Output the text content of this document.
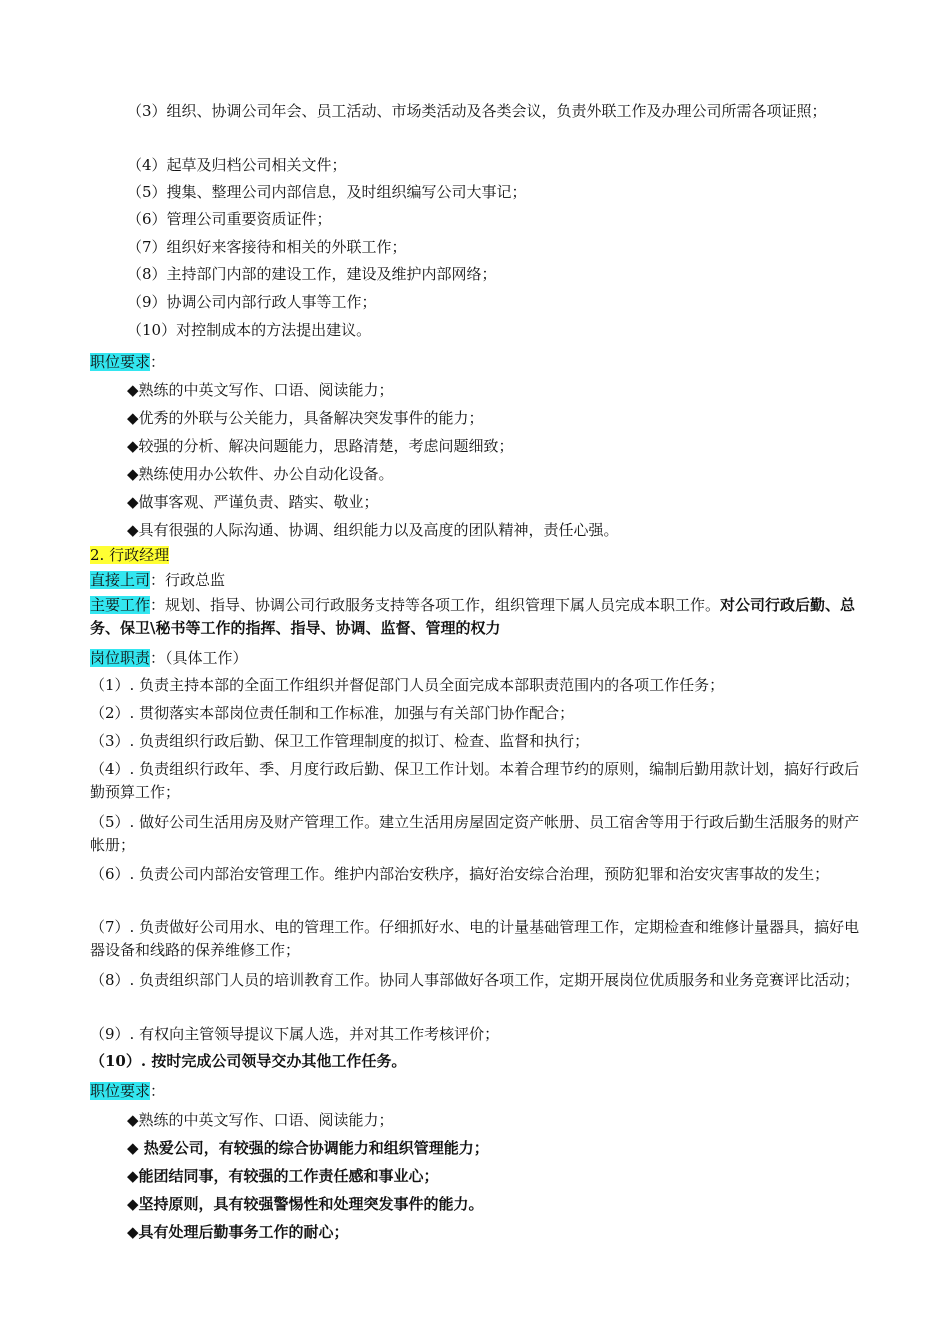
（3）组织、协调公司年会、员工活动、市场类活动及各类会议，负责外联工作及办理公司所需各项证照；
（4）起草及归档公司相关文件；
（5）搜集、整理公司内部信息，及时组织编写公司大事记；
（6）管理公司重要资质证件；
（7）组织好来客接待和相关的外联工作；
（8）主持部门内部的建设工作，建设及维护内部网络；
（9）协调公司内部行政人事等工作；
（10）对控制成本的方法提出建议。
职位要求：
◆熟练的中英文写作、口语、阅读能力；
◆优秀的外联与公关能力，具备解决突发事件的能力；
◆较强的分析、解决问题能力，思路清楚，考虑问题细致；
◆熟练使用办公软件、办公自动化设备。
◆做事客观、严谨负责、踏实、敬业；
◆具有很强的人际沟通、协调、组织能力以及高度的团队精神，责任心强。
2. 行政经理
直接上司：行政总监
主要工作：规划、指导、协调公司行政服务支持等各项工作，组织管理下属人员完成本职工作。对公司行政后勤、总务、保卫\秘书等工作的指挥、指导、协调、监督、管理的权力
岗位职责：（具体工作）
（1）. 负责主持本部的全面工作组织并督促部门人员全面完成本部职责范围内的各项工作任务；
（2）. 贯彻落实本部岗位责任制和工作标准，加强与有关部门协作配合；
（3）. 负责组织行政后勤、保卫工作管理制度的拟订、检查、监督和执行；
（4）. 负责组织行政年、季、月度行政后勤、保卫工作计划。本着合理节约的原则，编制后勤用款计划，搞好行政后勤预算工作；
（5）. 做好公司生活用房及财产管理工作。建立生活用房屋固定资产帐册、员工宿舍等用于行政后勤生活服务的财产帐册；
（6）. 负责公司内部治安管理工作。维护内部治安秩序，搞好治安综合治理，预防犯罪和治安灾害事故的发生；
（7）. 负责做好公司用水、电的管理工作。仔细抓好水、电的计量基础管理工作，定期检查和维修计量器具，搞好电器设备和线路的保养维修工作；
（8）. 负责组织部门人员的培训教育工作。协同人事部做好各项工作，定期开展岗位优质服务和业务竞赛评比活动；
（9）. 有权向主管领导提议下属人选，并对其工作考核评价；
（10）. 按时完成公司领导交办其他工作任务。
职位要求：
◆熟练的中英文写作、口语、阅读能力；
◆ 热爱公司，有较强的综合协调能力和组织管理能力；
◆能团结同事，有较强的工作责任感和事业心；
◆坚持原则，具有较强警惕性和处理突发事件的能力。
◆具有处理后勤事务工作的耐心；
